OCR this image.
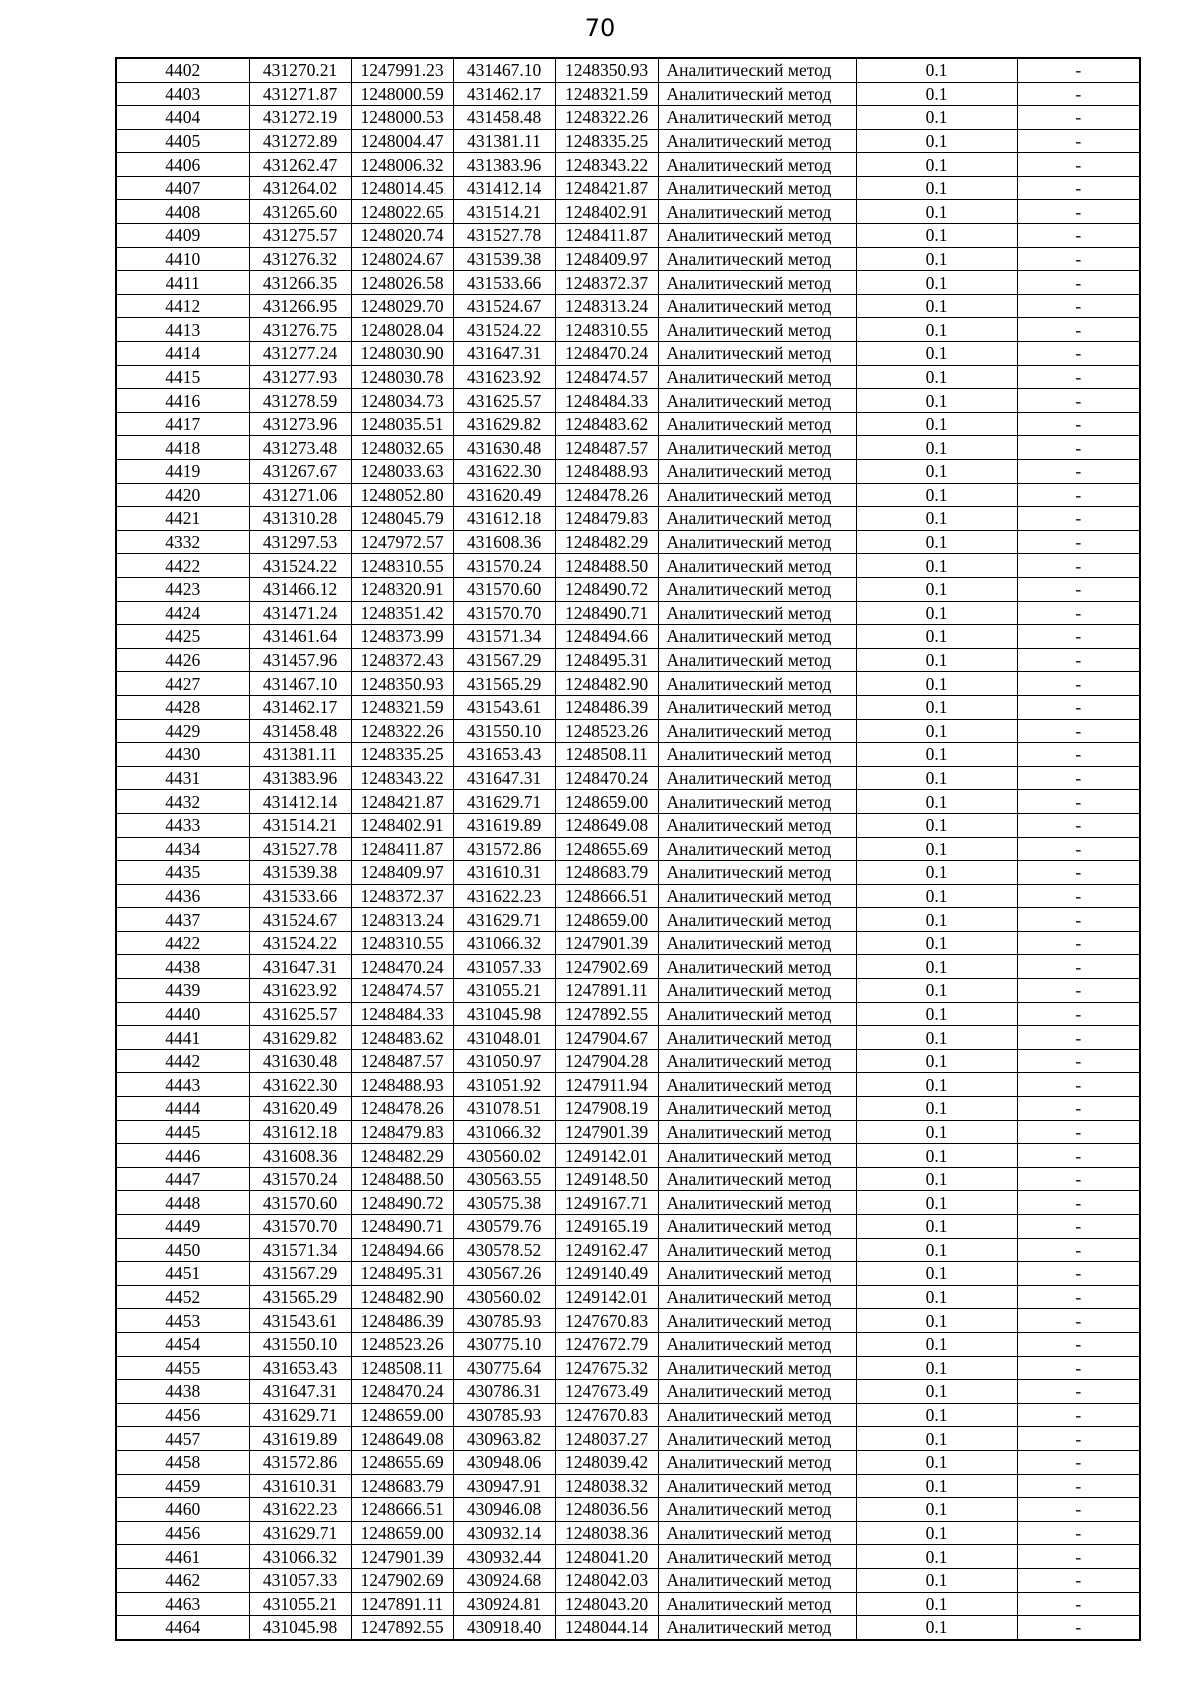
70
4402	431270.21	1247991.23	431467.10	1248350.93	Аналитический метод	0.1	-
4403	431271.87	1248000.59	431462.17	1248321.59	Аналитический метод	0.1	-
4404	431272.19	1248000.53	431458.48	1248322.26	Аналитический метод	0.1	-
4405	431272.89	1248004.47	431381.11	1248335.25	Аналитический метод	0.1	-
4406	431262.47	1248006.32	431383.96	1248343.22	Аналитический метод	0.1	-
4407	431264.02	1248014.45	431412.14	1248421.87	Аналитический метод	0.1	-
4408	431265.60	1248022.65	431514.21	1248402.91	Аналитический метод	0.1	-
4409	431275.57	1248020.74	431527.78	1248411.87	Аналитический метод	0.1	-
4410	431276.32	1248024.67	431539.38	1248409.97	Аналитический метод	0.1	-
4411	431266.35	1248026.58	431533.66	1248372.37	Аналитический метод	0.1	-
4412	431266.95	1248029.70	431524.67	1248313.24	Аналитический метод	0.1	-
4413	431276.75	1248028.04	431524.22	1248310.55	Аналитический метод	0.1	-
4414	431277.24	1248030.90	431647.31	1248470.24	Аналитический метод	0.1	-
4415	431277.93	1248030.78	431623.92	1248474.57	Аналитический метод	0.1	-
4416	431278.59	1248034.73	431625.57	1248484.33	Аналитический метод	0.1	-
4417	431273.96	1248035.51	431629.82	1248483.62	Аналитический метод	0.1	-
4418	431273.48	1248032.65	431630.48	1248487.57	Аналитический метод	0.1	-
4419	431267.67	1248033.63	431622.30	1248488.93	Аналитический метод	0.1	-
4420	431271.06	1248052.80	431620.49	1248478.26	Аналитический метод	0.1	-
4421	431310.28	1248045.79	431612.18	1248479.83	Аналитический метод	0.1	-
4332	431297.53	1247972.57	431608.36	1248482.29	Аналитический метод	0.1	-
4422	431524.22	1248310.55	431570.24	1248488.50	Аналитический метод	0.1	-
4423	431466.12	1248320.91	431570.60	1248490.72	Аналитический метод	0.1	-
4424	431471.24	1248351.42	431570.70	1248490.71	Аналитический метод	0.1	-
4425	431461.64	1248373.99	431571.34	1248494.66	Аналитический метод	0.1	-
4426	431457.96	1248372.43	431567.29	1248495.31	Аналитический метод	0.1	-
4427	431467.10	1248350.93	431565.29	1248482.90	Аналитический метод	0.1	-
4428	431462.17	1248321.59	431543.61	1248486.39	Аналитический метод	0.1	-
4429	431458.48	1248322.26	431550.10	1248523.26	Аналитический метод	0.1	-
4430	431381.11	1248335.25	431653.43	1248508.11	Аналитический метод	0.1	-
4431	431383.96	1248343.22	431647.31	1248470.24	Аналитический метод	0.1	-
4432	431412.14	1248421.87	431629.71	1248659.00	Аналитический метод	0.1	-
4433	431514.21	1248402.91	431619.89	1248649.08	Аналитический метод	0.1	-
4434	431527.78	1248411.87	431572.86	1248655.69	Аналитический метод	0.1	-
4435	431539.38	1248409.97	431610.31	1248683.79	Аналитический метод	0.1	-
4436	431533.66	1248372.37	431622.23	1248666.51	Аналитический метод	0.1	-
4437	431524.67	1248313.24	431629.71	1248659.00	Аналитический метод	0.1	-
4422	431524.22	1248310.55	431066.32	1247901.39	Аналитический метод	0.1	-
4438	431647.31	1248470.24	431057.33	1247902.69	Аналитический метод	0.1	-
4439	431623.92	1248474.57	431055.21	1247891.11	Аналитический метод	0.1	-
4440	431625.57	1248484.33	431045.98	1247892.55	Аналитический метод	0.1	-
4441	431629.82	1248483.62	431048.01	1247904.67	Аналитический метод	0.1	-
4442	431630.48	1248487.57	431050.97	1247904.28	Аналитический метод	0.1	-
4443	431622.30	1248488.93	431051.92	1247911.94	Аналитический метод	0.1	-
4444	431620.49	1248478.26	431078.51	1247908.19	Аналитический метод	0.1	-
4445	431612.18	1248479.83	431066.32	1247901.39	Аналитический метод	0.1	-
4446	431608.36	1248482.29	430560.02	1249142.01	Аналитический метод	0.1	-
4447	431570.24	1248488.50	430563.55	1249148.50	Аналитический метод	0.1	-
4448	431570.60	1248490.72	430575.38	1249167.71	Аналитический метод	0.1	-
4449	431570.70	1248490.71	430579.76	1249165.19	Аналитический метод	0.1	-
4450	431571.34	1248494.66	430578.52	1249162.47	Аналитический метод	0.1	-
4451	431567.29	1248495.31	430567.26	1249140.49	Аналитический метод	0.1	-
4452	431565.29	1248482.90	430560.02	1249142.01	Аналитический метод	0.1	-
4453	431543.61	1248486.39	430785.93	1247670.83	Аналитический метод	0.1	-
4454	431550.10	1248523.26	430775.10	1247672.79	Аналитический метод	0.1	-
4455	431653.43	1248508.11	430775.64	1247675.32	Аналитический метод	0.1	-
4438	431647.31	1248470.24	430786.31	1247673.49	Аналитический метод	0.1	-
4456	431629.71	1248659.00	430785.93	1247670.83	Аналитический метод	0.1	-
4457	431619.89	1248649.08	430963.82	1248037.27	Аналитический метод	0.1	-
4458	431572.86	1248655.69	430948.06	1248039.42	Аналитический метод	0.1	-
4459	431610.31	1248683.79	430947.91	1248038.32	Аналитический метод	0.1	-
4460	431622.23	1248666.51	430946.08	1248036.56	Аналитический метод	0.1	-
4456	431629.71	1248659.00	430932.14	1248038.36	Аналитический метод	0.1	-
4461	431066.32	1247901.39	430932.44	1248041.20	Аналитический метод	0.1	-
4462	431057.33	1247902.69	430924.68	1248042.03	Аналитический метод	0.1	-
4463	431055.21	1247891.11	430924.81	1248043.20	Аналитический метод	0.1	-
4464	431045.98	1247892.55	430918.40	1248044.14	Аналитический метод	0.1	-
